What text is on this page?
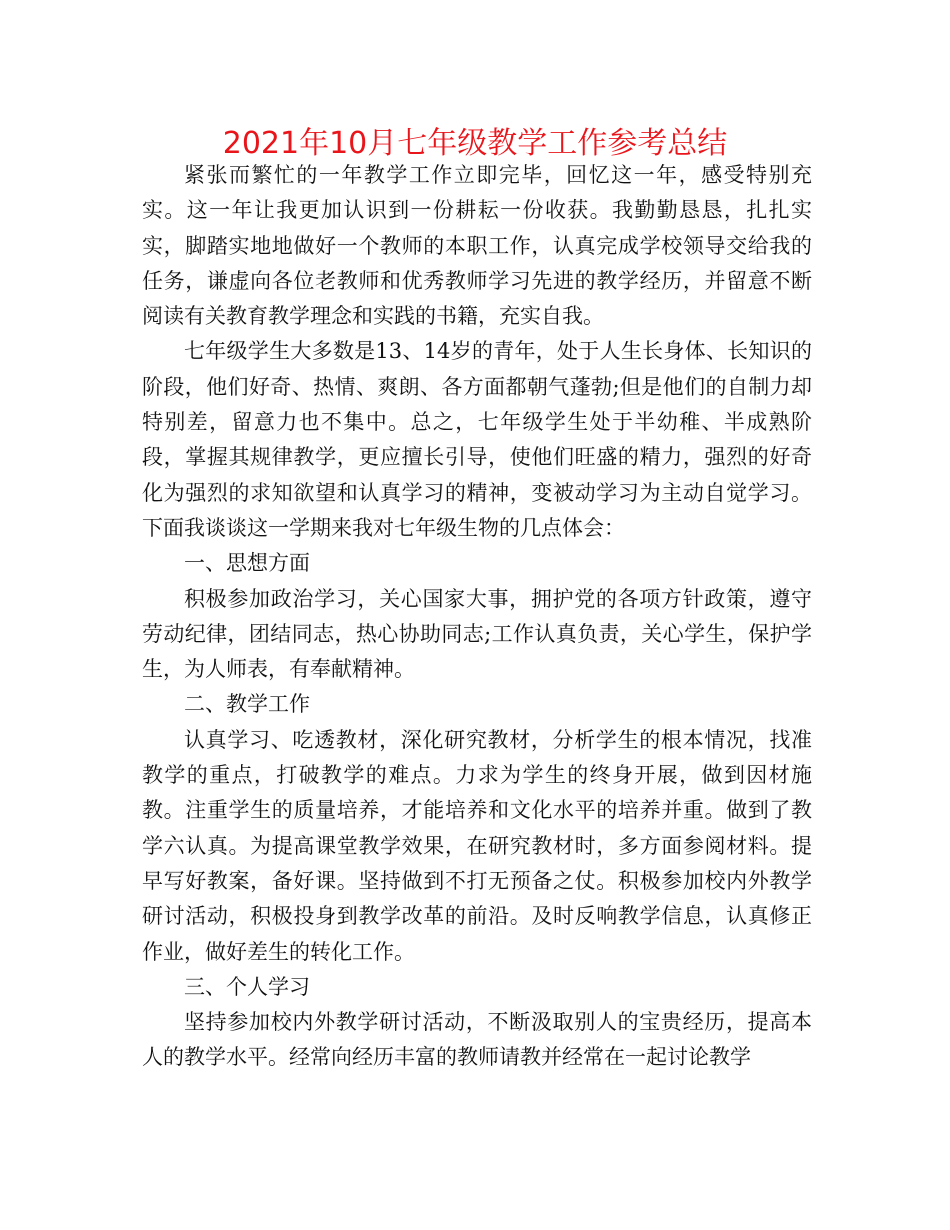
2021年10月七年级教学工作参考总结

紧张而繁忙的一年教学工作立即完毕，回忆这一年，感受特别充实。这一年让我更加认识到一份耕耘一份收获。我勤勤恳恳，扎扎实实，脚踏实地地做好一个教师的本职工作，认真完成学校领导交给我的任务，谦虚向各位老教师和优秀教师学习先进的教学经历，并留意不断阅读有关教育教学理念和实践的书籍，充实自我。

七年级学生大多数是13、14岁的青年，处于人生长身体、长知识的阶段，他们好奇、热情、爽朗、各方面都朝气蓬勃;但是他们的自制力却特别差，留意力也不集中。总之，七年级学生处于半幼稚、半成熟阶段，掌握其规律教学，更应擅长引导，使他们旺盛的精力，强烈的好奇化为强烈的求知欲望和认真学习的精神，变被动学习为主动自觉学习。下面我谈谈这一学期来我对七年级生物的几点体会：

一、思想方面

积极参加政治学习，关心国家大事，拥护党的各项方针政策，遵守劳动纪律，团结同志，热心协助同志;工作认真负责，关心学生，保护学生，为人师表，有奉献精神。

二、教学工作

认真学习、吃透教材，深化研究教材，分析学生的根本情况，找准教学的重点，打破教学的难点。力求为学生的终身开展，做到因材施教。注重学生的质量培养，才能培养和文化水平的培养并重。做到了教学六认真。为提高课堂教学效果，在研究教材时，多方面参阅材料。提早写好教案，备好课。坚持做到不打无预备之仗。积极参加校内外教学研讨活动，积极投身到教学改革的前沿。及时反响教学信息，认真修正作业，做好差生的转化工作。

三、个人学习

坚持参加校内外教学研讨活动，不断汲取别人的宝贵经历，提高本人的教学水平。经常向经历丰富的教师请教并经常在一起讨论教学
